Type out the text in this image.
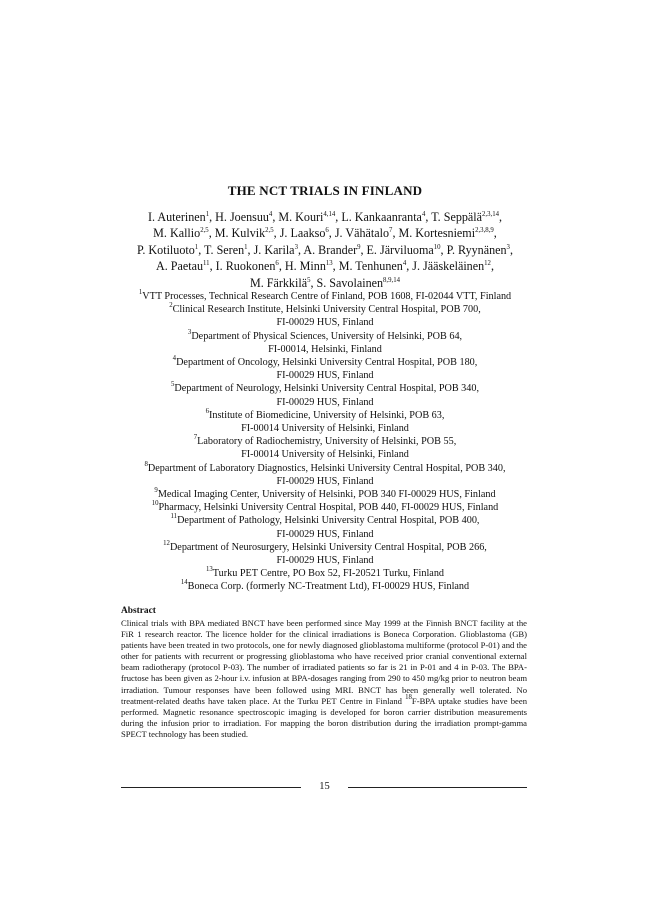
THE NCT TRIALS IN FINLAND
I. Auterinen$^1$, H. Joensuu$^4$, M. Kouri$^{4,14}$, L. Kankaanranta$^4$, T. Seppälä$^{2,3,14}$,
M. Kallio$^{2,5}$, M. Kulvik$^{2,5}$, J. Laakso$^6$, J. Vähätalo$^7$, M. Kortesniemi$^{2,3,8,9}$,
P. Kotiluoto$^1$, T. Seren$^1$, J. Karila$^3$, A. Brander$^9$, E. Järviluoma$^{10}$, P. Ryynänen$^3$,
A. Paetau$^{11}$, I. Ruokonen$^6$, H. Minn$^{13}$, M. Tenhunen$^4$, J. Jääskeläinen$^{12}$,
M. Färkkilä$^5$, S. Savolainen$^{8,9,14}$
$^1$VTT Processes, Technical Research Centre of Finland, POB 1608, FI-02044 VTT, Finland
$^2$Clinical Research Institute, Helsinki University Central Hospital, POB 700,
FI-00029 HUS, Finland
$^3$Department of Physical Sciences, University of Helsinki, POB 64,
FI-00014, Helsinki, Finland
$^4$Department of Oncology, Helsinki University Central Hospital, POB 180,
FI-00029 HUS, Finland
$^5$Department of Neurology, Helsinki University Central Hospital, POB 340,
FI-00029 HUS, Finland
$^6$Institute of Biomedicine, University of Helsinki, POB 63,
FI-00014 University of Helsinki, Finland
$^7$Laboratory of Radiochemistry, University of Helsinki, POB 55,
FI-00014 University of Helsinki, Finland
$^8$Department of Laboratory Diagnostics, Helsinki University Central Hospital, POB 340,
FI-00029 HUS, Finland
$^9$Medical Imaging Center, University of Helsinki, POB 340 FI-00029 HUS, Finland
$^{10}$Pharmacy, Helsinki University Central Hospital, POB 440, FI-00029 HUS, Finland
$^{11}$Department of Pathology, Helsinki University Central Hospital, POB 400,
FI-00029 HUS, Finland
$^{12}$Department of Neurosurgery, Helsinki University Central Hospital, POB 266,
FI-00029 HUS, Finland
$^{13}$Turku PET Centre, PO Box 52, FI-20521 Turku, Finland
$^{14}$Boneca Corp. (formerly NC-Treatment Ltd), FI-00029 HUS, Finland

Abstract

Clinical trials with BPA mediated BNCT have been performed since May 1999 at the Finnish BNCT facility at the FiR 1 research reactor. The licence holder for the clinical irradiations is Boneca Corporation. Glioblastoma (GB) patients have been treated in two protocols, one for newly diagnosed glioblastoma multiforme (protocol P-01) and the other for patients with recurrent or progressing glioblastoma who have received prior cranial conventional external beam radiotherapy (protocol P-03). The number of irradiated patients so far is 21 in P-01 and 4 in P-03. The BPA-fructose has been given as 2-hour i.v. infusion at BPA-dosages ranging from 290 to 450 mg/kg prior to neutron beam irradiation. Tumour responses have been followed using MRI. BNCT has been generally well tolerated. No treatment-related deaths have taken place. At the Turku PET Centre in Finland $^{18}$F-BPA uptake studies have been performed. Magnetic resonance spectroscopic imaging is developed for boron carrier distribution measurements during the infusion prior to irradiation. For mapping the boron distribution during the irradiation prompt-gamma SPECT technology has been studied.

15
